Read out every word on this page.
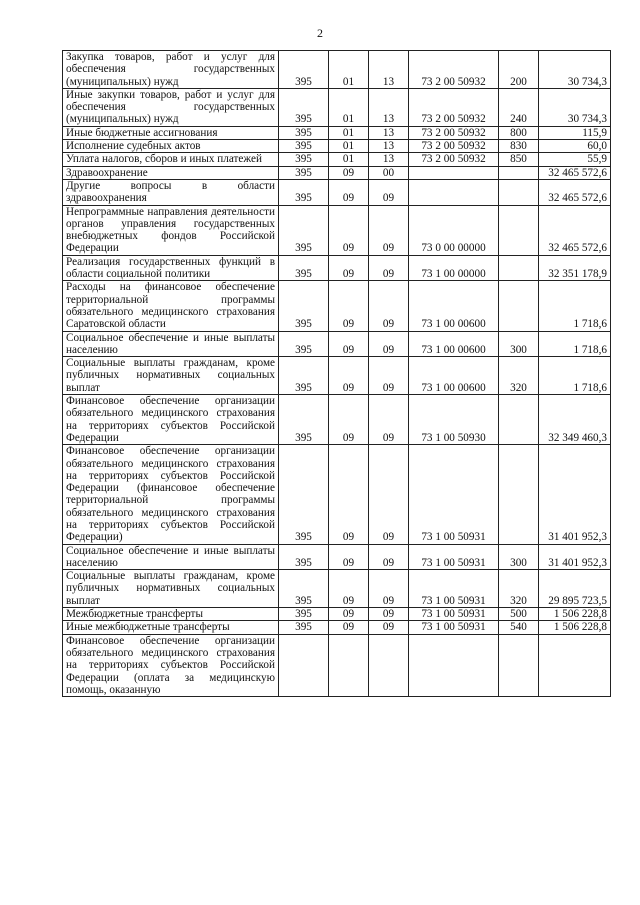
2
Закупка товаров, работ и услуг для обеспечения государственных (муниципальных) нужд	395	01	13	73 2 00 50932	200	30 734,3
Иные закупки товаров, работ и услуг для обеспечения государственных (муниципальных) нужд	395	01	13	73 2 00 50932	240	30 734,3
Иные бюджетные ассигнования	395	01	13	73 2 00 50932	800	115,9
Исполнение судебных актов	395	01	13	73 2 00 50932	830	60,0
Уплата налогов, сборов и иных платежей	395	01	13	73 2 00 50932	850	55,9
Здравоохранение	395	09	00			32 465 572,6
Другие вопросы в области здравоохранения	395	09	09			32 465 572,6
Непрограммные направления деятельности органов управления государственных внебюджетных фондов Российской Федерации	395	09	09	73 0 00 00000		32 465 572,6
Реализация государственных функций в области социальной политики	395	09	09	73 1 00 00000		32 351 178,9
Расходы на финансовое обеспечение территориальной программы обязательного медицинского страхования Саратовской области	395	09	09	73 1 00 00600		1 718,6
Социальное обеспечение и иные выплаты населению	395	09	09	73 1 00 00600	300	1 718,6
Социальные выплаты гражданам, кроме публичных нормативных социальных выплат	395	09	09	73 1 00 00600	320	1 718,6
Финансовое обеспечение организации обязательного медицинского страхования на территориях субъектов Российской Федерации	395	09	09	73 1 00 50930		32 349 460,3
Финансовое обеспечение организации обязательного медицинского страхования на территориях субъектов Российской Федерации (финансовое обеспечение территориальной программы обязательного медицинского страхования на территориях субъектов Российской Федерации)	395	09	09	73 1 00 50931		31 401 952,3
Социальное обеспечение и иные выплаты населению	395	09	09	73 1 00 50931	300	31 401 952,3
Социальные выплаты гражданам, кроме публичных нормативных социальных выплат	395	09	09	73 1 00 50931	320	29 895 723,5
Межбюджетные трансферты	395	09	09	73 1 00 50931	500	1 506 228,8
Иные межбюджетные трансферты	395	09	09	73 1 00 50931	540	1 506 228,8
Финансовое обеспечение организации обязательного медицинского страхования на территориях субъектов Российской Федерации (оплата за медицинскую помощь, оказанную						
